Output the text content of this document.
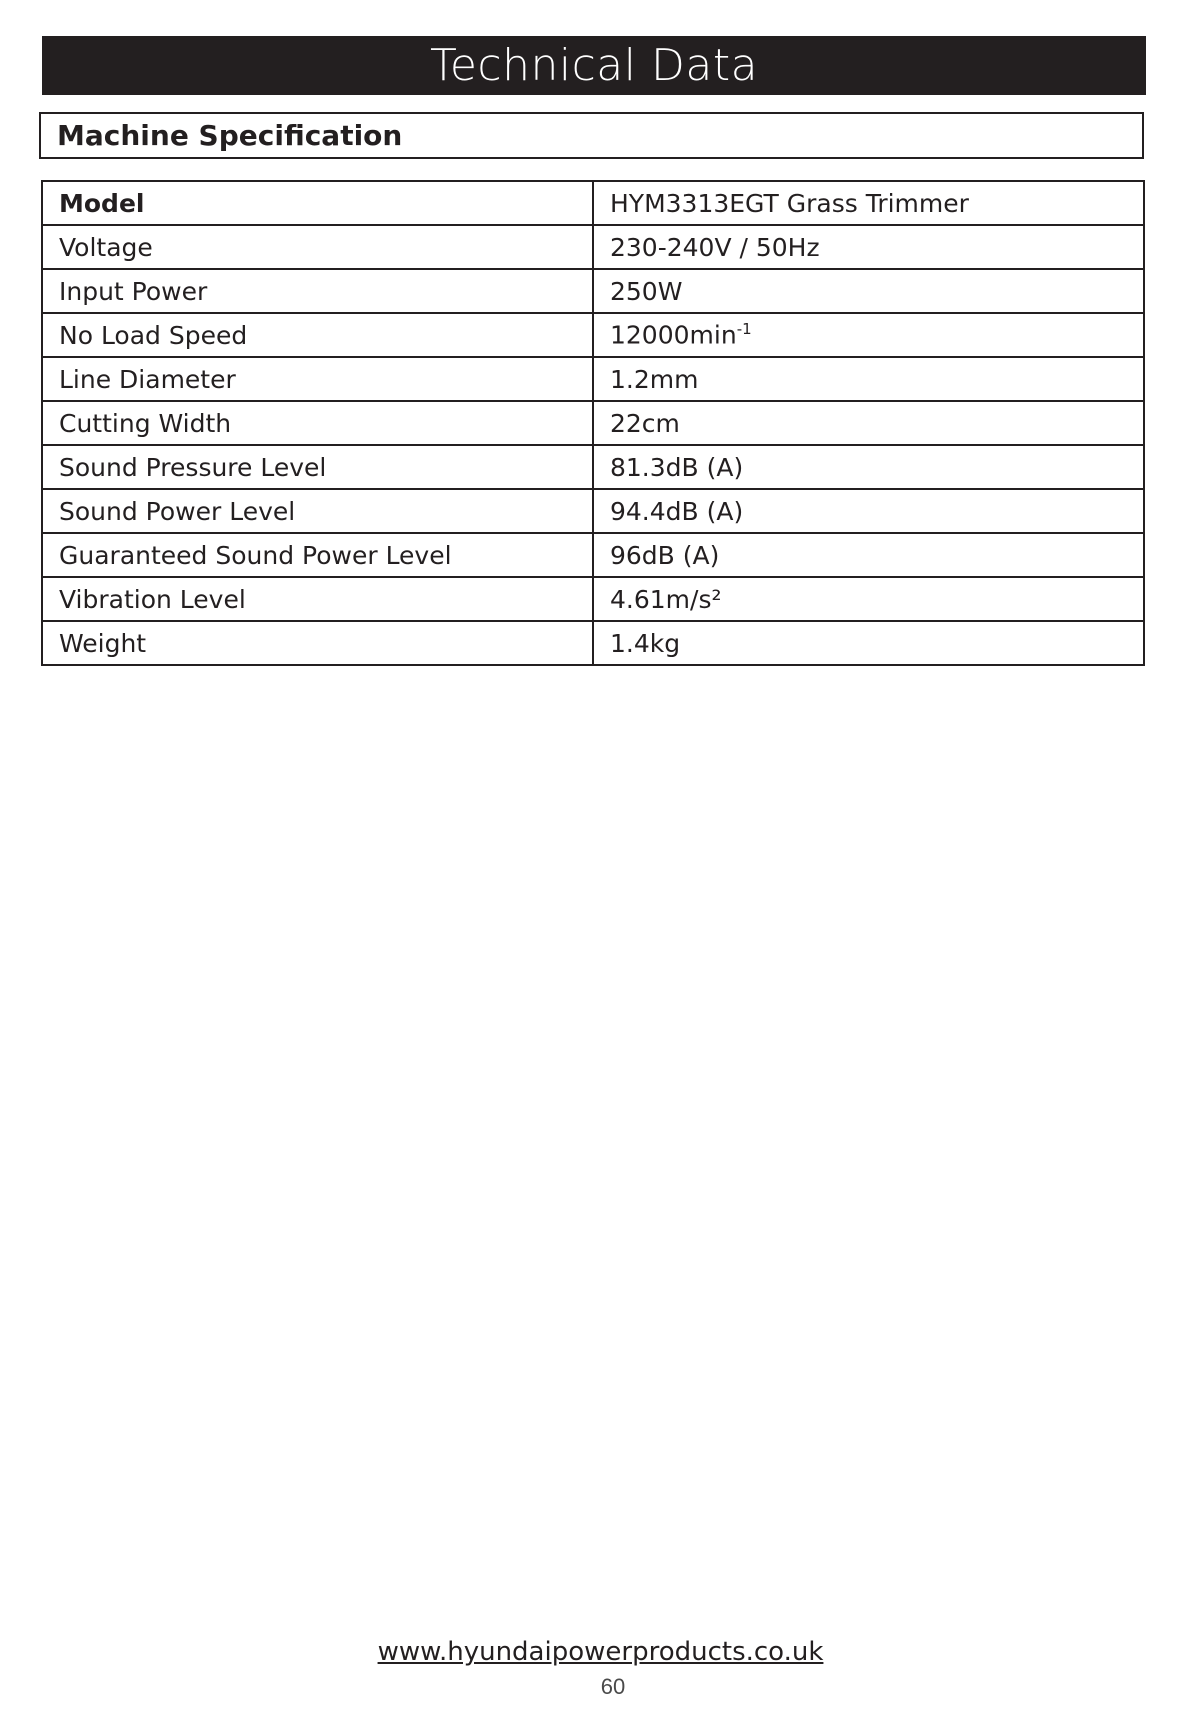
Technical Data
Machine Specification
Model	HYM3313EGT Grass Trimmer
Voltage	230-240V / 50Hz
Input Power	250W
No Load Speed	$12000\min^{-1}$
Line Diameter	1.2mm
Cutting Width	22cm
Sound Pressure Level	81.3dB (A)
Sound Power Level	94.4dB (A)
Guaranteed Sound Power Level	96dB (A)
Vibration Level	4.61m/s²
Weight	1.4kg
www.hyundaipowerproducts.co.uk
60
